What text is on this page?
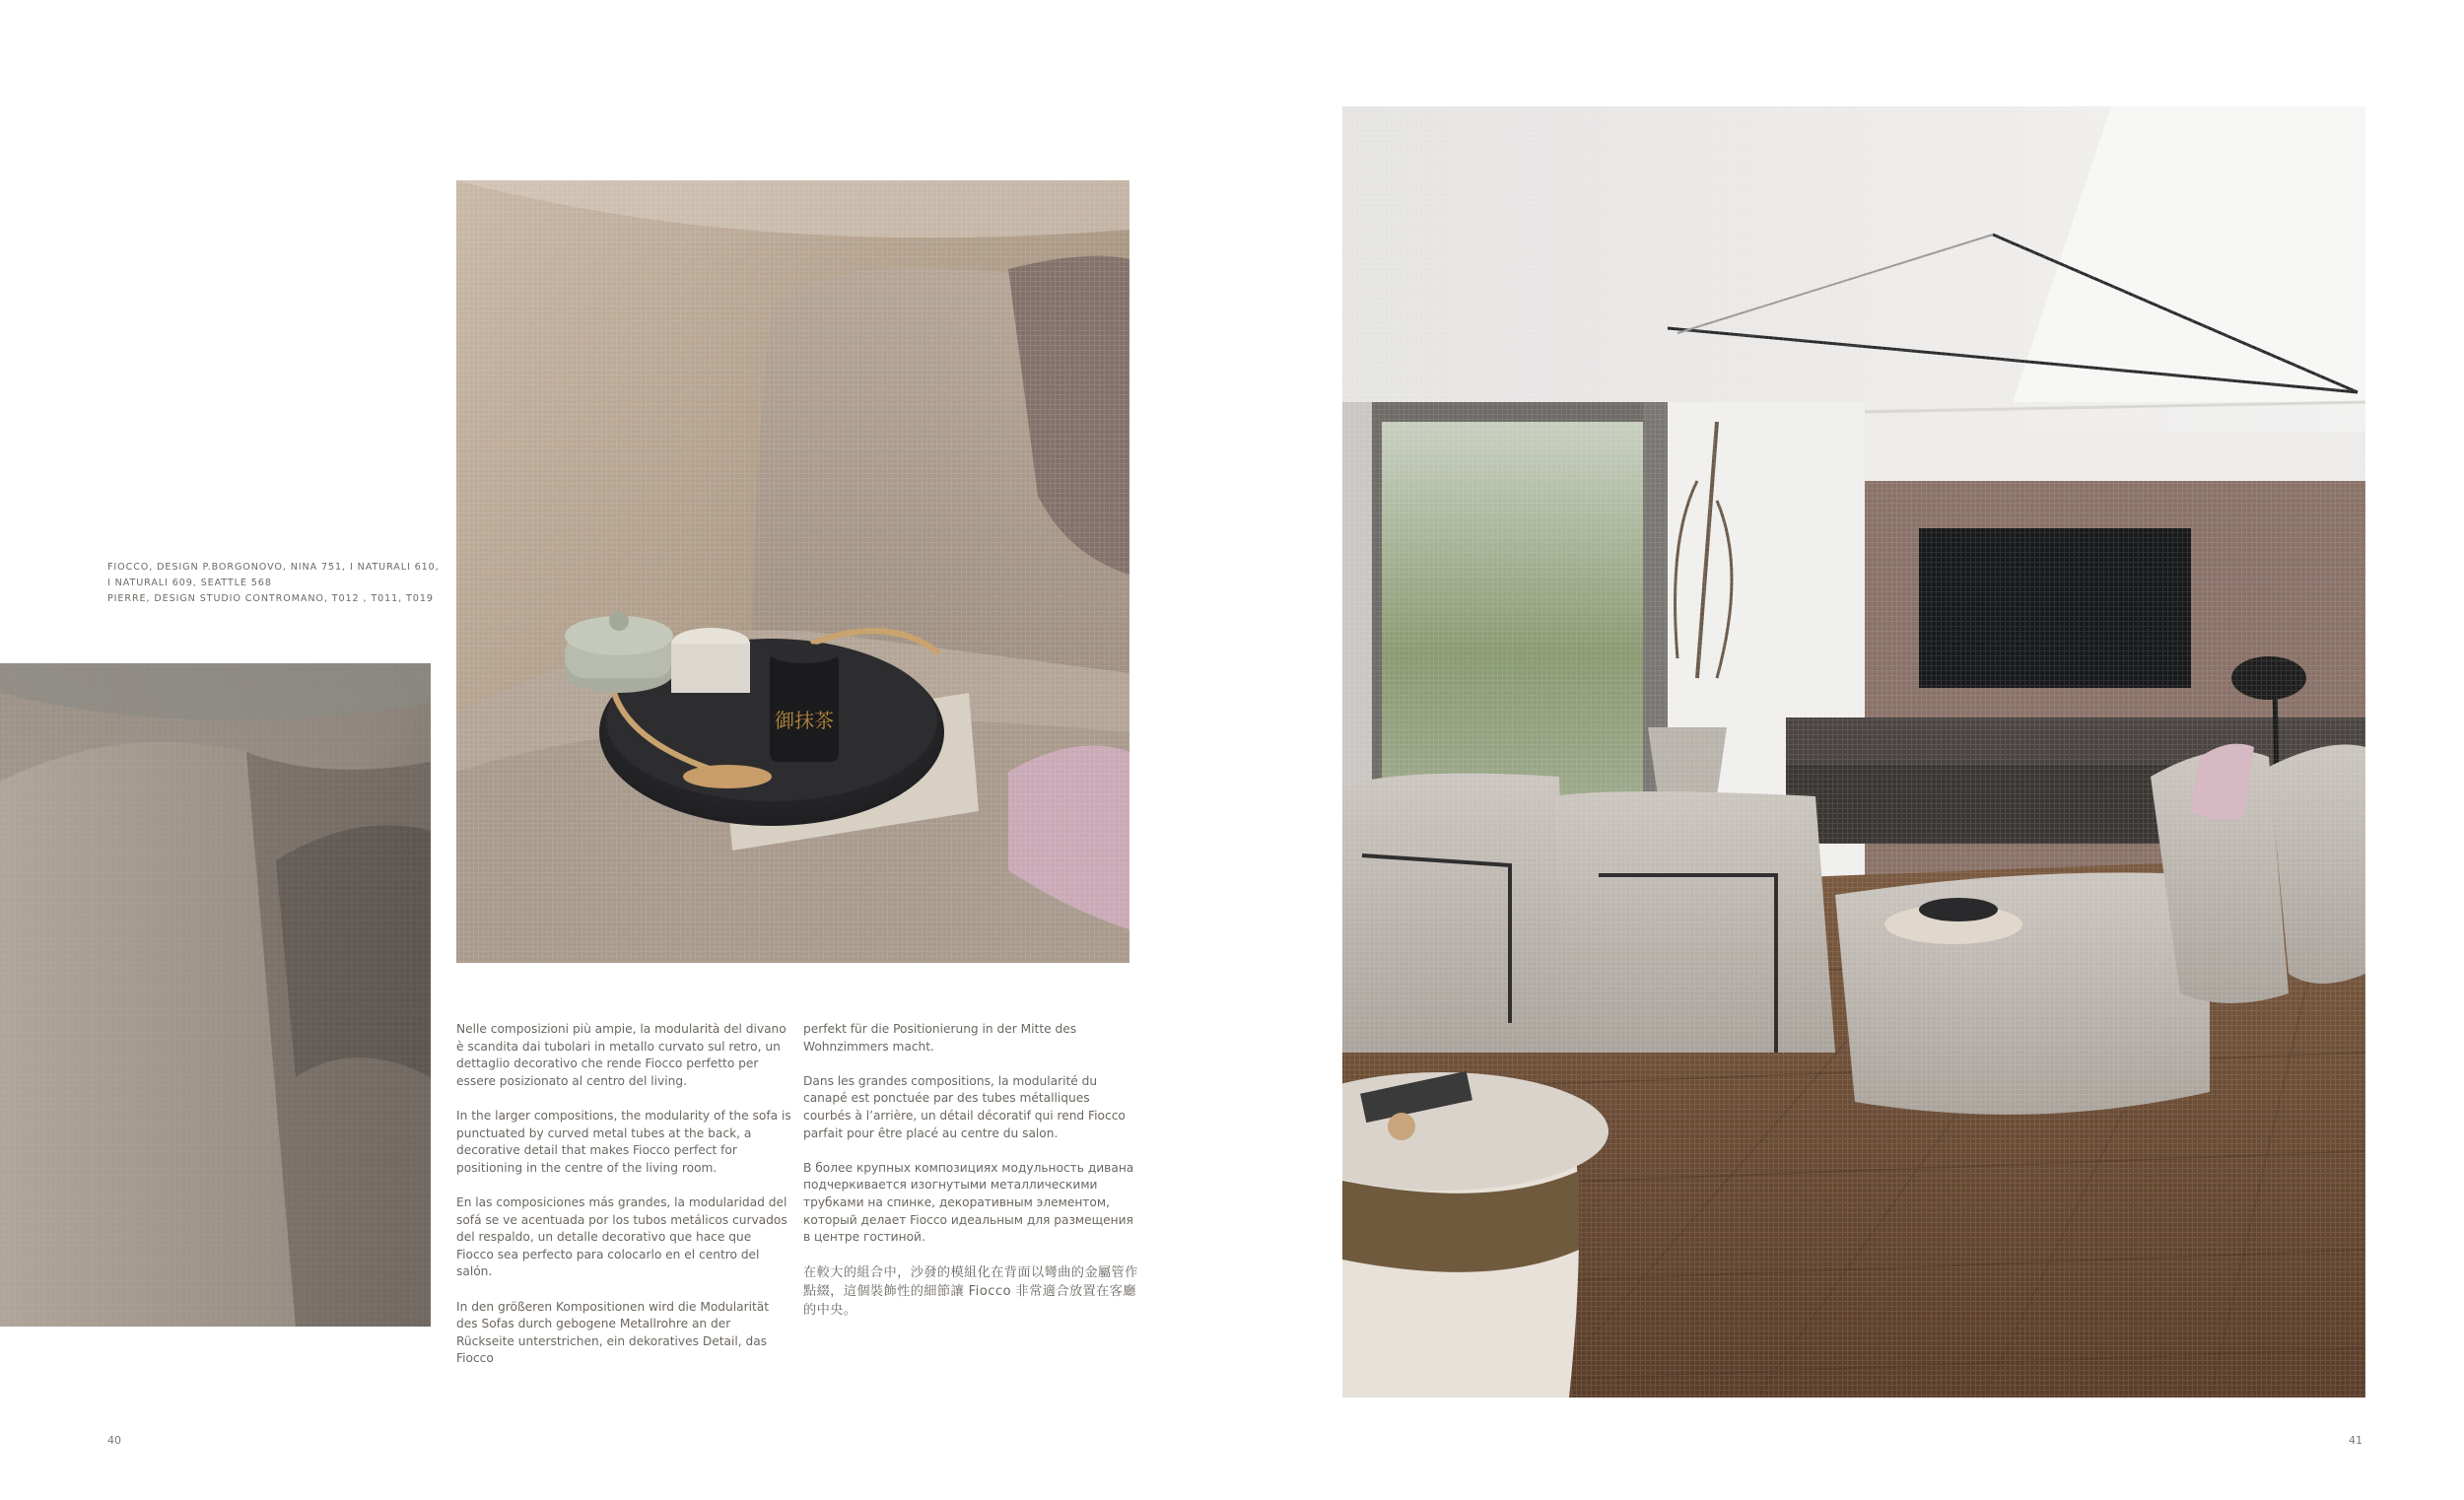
FIOCCO, DESIGN P.BORGONOVO, NINA 751, I NATURALI 610,
I NATURALI 609, SEATTLE 568
PIERRE, DESIGN STUDIO CONTROMANO, T012 , T011, T019
御抹茶

Nelle composizioni più ampie, la modularità del divano è scandita dai tubolari in metallo curvato sul retro, un dettaglio decorativo che rende Fiocco perfetto per essere posizionato al centro del living.

In the larger compositions, the modularity of the sofa is punctuated by curved metal tubes at the back, a decorative detail that makes Fiocco perfect for positioning in the centre of the living room.

En las composiciones más grandes, la modularidad del sofá se ve acentuada por los tubos metálicos curvados del respaldo, un detalle decorativo que hace que Fiocco sea perfecto para colocarlo en el centro del salón.

In den größeren Kompositionen wird die Modularität des Sofas durch gebogene Metallrohre an der Rückseite unterstrichen, ein dekoratives Detail, das Fiocco

perfekt für die Positionierung in der Mitte des Wohnzimmers macht.

Dans les grandes compositions, la modularité du canapé est ponctuée par des tubes métalliques courbés à l’arrière, un détail décoratif qui rend Fiocco parfait pour être placé au centre du salon.

В более крупных композициях модульность дивана подчеркивается изогнутыми металлическими трубками на спинке, декоративным элементом, который делает Fiocco идеальным для размещения в центре гостиной.

在較大的組合中，沙發的模組化在背面以彎曲的金屬管作點綴，這個裝飾性的細節讓 Fiocco 非常適合放置在客廳的中央。

40	41
